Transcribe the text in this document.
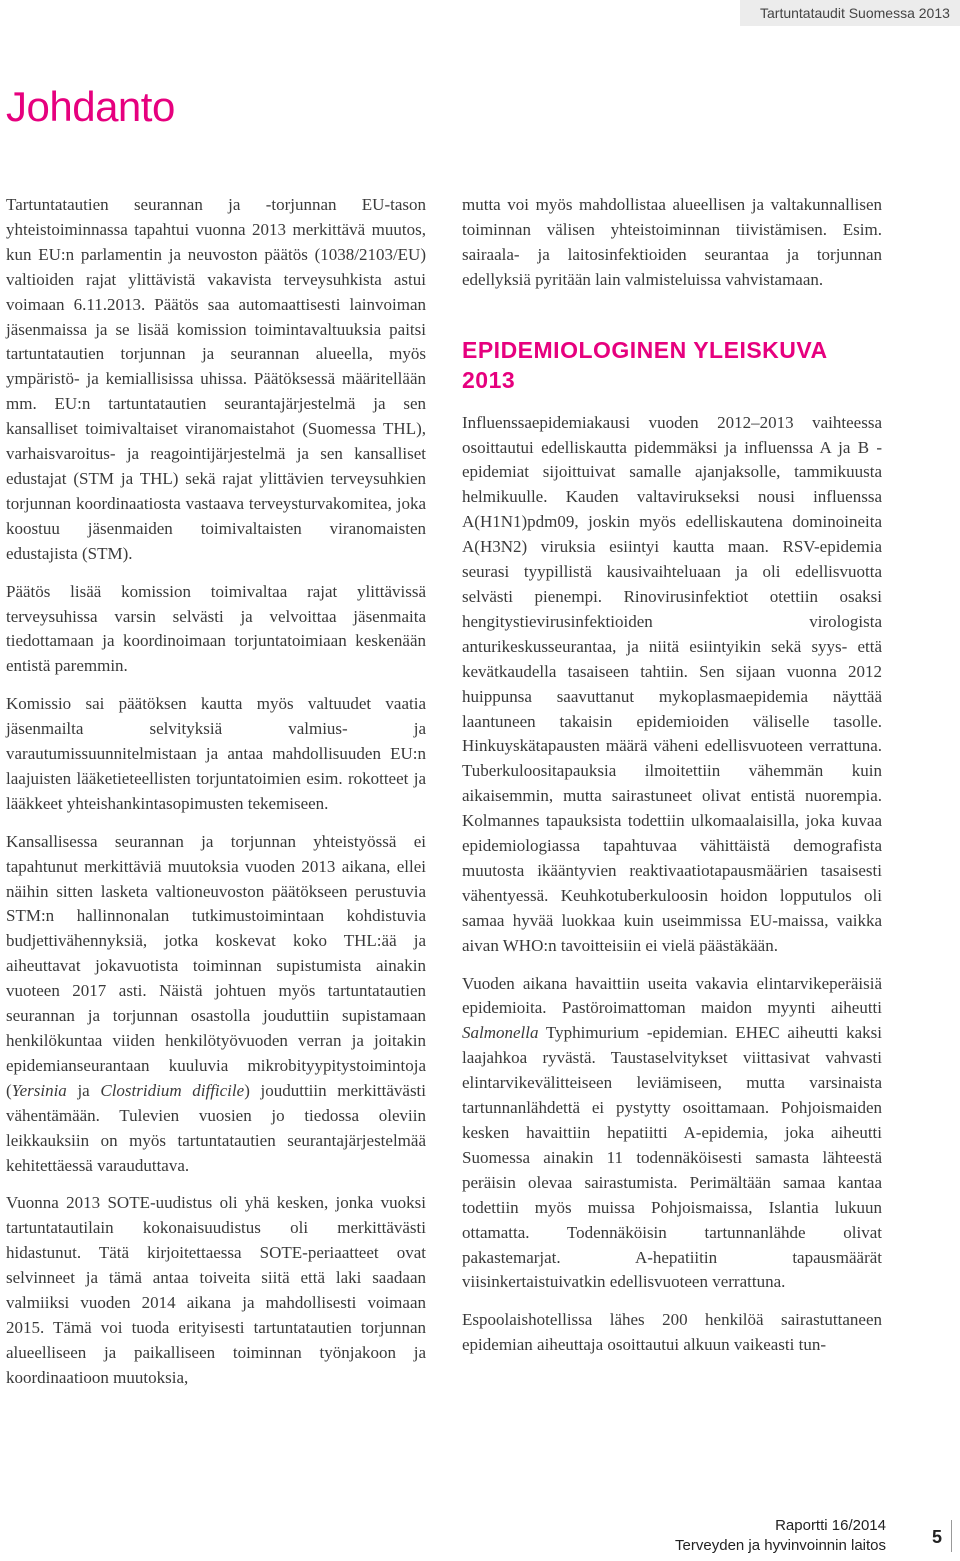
Tartuntataudit Suomessa 2013
Johdanto

Tartuntatautien seurannan ja -torjunnan EU-tason yhteistoiminnassa tapahtui vuonna 2013 merkittävä muutos, kun EU:n parlamentin ja neuvoston päätös (1038/2103/EU) valtioiden rajat ylittävistä vakavista terveysuhkista astui voimaan 6.11.2013. Päätös saa automaattisesti lainvoiman jäsenmaissa ja se lisää komission toimintavaltuuksia paitsi tartuntatautien torjunnan ja seurannan alueella, myös ympäristö- ja kemiallisissa uhissa. Päätöksessä määritellään mm. EU:n tartuntatautien seurantajärjestelmä ja sen kansalliset toimivaltaiset viranomaistahot (Suomessa THL), varhaisvaroitus- ja reagointijärjestelmä ja sen kansalliset edustajat (STM ja THL) sekä rajat ylittävien terveysuhkien torjunnan koordinaatiosta vastaava terveysturvakomitea, joka koostuu jäsenmaiden toimivaltaisten viranomaisten edustajista (STM).

Päätös lisää komission toimivaltaa rajat ylittävissä terveysuhissa varsin selvästi ja velvoittaa jäsenmaita tiedottamaan ja koordinoimaan torjuntatoimiaan keskenään entistä paremmin.

Komissio sai päätöksen kautta myös valtuudet vaatia jäsenmailta selvityksiä valmius- ja varautumissuunnitelmistaan ja antaa mahdollisuuden EU:n laajuisten lääketieteellisten torjuntatoimien esim. rokotteet ja lääkkeet yhteishankintasopimusten tekemiseen.

Kansallisessa seurannan ja torjunnan yhteistyössä ei tapahtunut merkittäviä muutoksia vuoden 2013 aikana, ellei näihin sitten lasketa valtioneuvoston päätökseen perustuvia STM:n hallinnonalan tutkimustoimintaan kohdistuvia budjettivähennyksiä, jotka koskevat koko THL:ää ja aiheuttavat jokavuotista toiminnan supistumista ainakin vuoteen 2017 asti. Näistä johtuen myös tartuntatautien seurannan ja torjunnan osastolla jouduttiin supistamaan henkilökuntaa viiden henkilötyövuoden verran ja joitakin epidemianseurantaan kuuluvia mikrobityypitystoimintoja (Yersinia ja Clostridium difficile) jouduttiin merkittävästi vähentämään. Tulevien vuosien jo tiedossa oleviin leikkauksiin on myös tartuntatautien seurantajärjestelmää kehitettäessä varauduttava.

Vuonna 2013 SOTE-uudistus oli yhä kesken, jonka vuoksi tartuntatautilain kokonaisuudistus oli merkittävästi hidastunut. Tätä kirjoitettaessa SOTE-periaatteet ovat selvinneet ja tämä antaa toiveita siitä että laki saadaan valmiiksi vuoden 2014 aikana ja mahdollisesti voimaan 2015. Tämä voi tuoda erityisesti tartuntatautien torjunnan alueelliseen ja paikalliseen toiminnan työnjakoon ja koordinaatioon muutoksia,

mutta voi myös mahdollistaa alueellisen ja valtakunnallisen toiminnan välisen yhteistoiminnan tiivistämisen. Esim. sairaala- ja laitosinfektioiden seurantaa ja torjunnan edellyksiä pyritään lain valmisteluissa vahvistamaan.

EPIDEMIOLOGINEN YLEISKUVA 2013

Influenssaepidemiakausi vuoden 2012–2013 vaihteessa osoittautui edelliskautta pidemmäksi ja influenssa A ja B -epidemiat sijoittuivat samalle ajanjaksolle, tammikuusta helmikuulle. Kauden valtavirukseksi nousi influenssa A(H1N1)pdm09, joskin myös edelliskautena dominoineita A(H3N2) viruksia esiintyi kautta maan. RSV-epidemia seurasi tyypillistä kausivaihteluaan ja oli edellisvuotta selvästi pienempi. Rinovirusinfektiot otettiin osaksi hengitystievirusinfektioiden virologista anturikeskusseurantaa, ja niitä esiintyikin sekä syys- että kevätkaudella tasaiseen tahtiin. Sen sijaan vuonna 2012 huippunsa saavuttanut mykoplasmaepidemia näyttää laantuneen takaisin epidemioiden väliselle tasolle. Hinkuyskätapausten määrä väheni edellisvuoteen verrattuna. Tuberkuloositapauksia ilmoitettiin vähemmän kuin aikaisemmin, mutta sairastuneet olivat entistä nuorempia. Kolmannes tapauksista todettiin ulkomaalaisilla, joka kuvaa epidemiologiassa tapahtuvaa vähittäistä demografista muutosta ikääntyvien reaktivaatiotapausmäärien tasaisesti vähentyessä. Keuhkotuberkuloosin hoidon lopputulos oli samaa hyvää luokkaa kuin useimmissa EU-maissa, vaikka aivan WHO:n tavoitteisiin ei vielä päästäkään.

Vuoden aikana havaittiin useita vakavia elintarvikeperäisiä epidemioita. Pastöroimattoman maidon myynti aiheutti Salmonella Typhimurium -epidemian. EHEC aiheutti kaksi laajahkoa ryvästä. Taustaselvitykset viittasivat vahvasti elintarvikevälitteiseen leviämiseen, mutta varsinaista tartunnanlähdettä ei pystytty osoittamaan. Pohjoismaiden kesken havaittiin hepatiitti A-epidemia, joka aiheutti Suomessa ainakin 11 todennäköisesti samasta lähteestä peräisin olevaa sairastumista. Perimältään samaa kantaa todettiin myös muissa Pohjoismaissa, Islantia lukuun ottamatta. Todennäköisin tartunnanlähde olivat pakastemarjat. A-hepatiitin tapausmäärät viisinkertaistuivatkin edellisvuoteen verrattuna.

Espoolaishotellissa lähes 200 henkilöä sairastuttaneen epidemian aiheuttaja osoittautui alkuun vaikeasti tun-

Raportti 16/2014
Terveyden ja hyvinvoinnin laitos	5
